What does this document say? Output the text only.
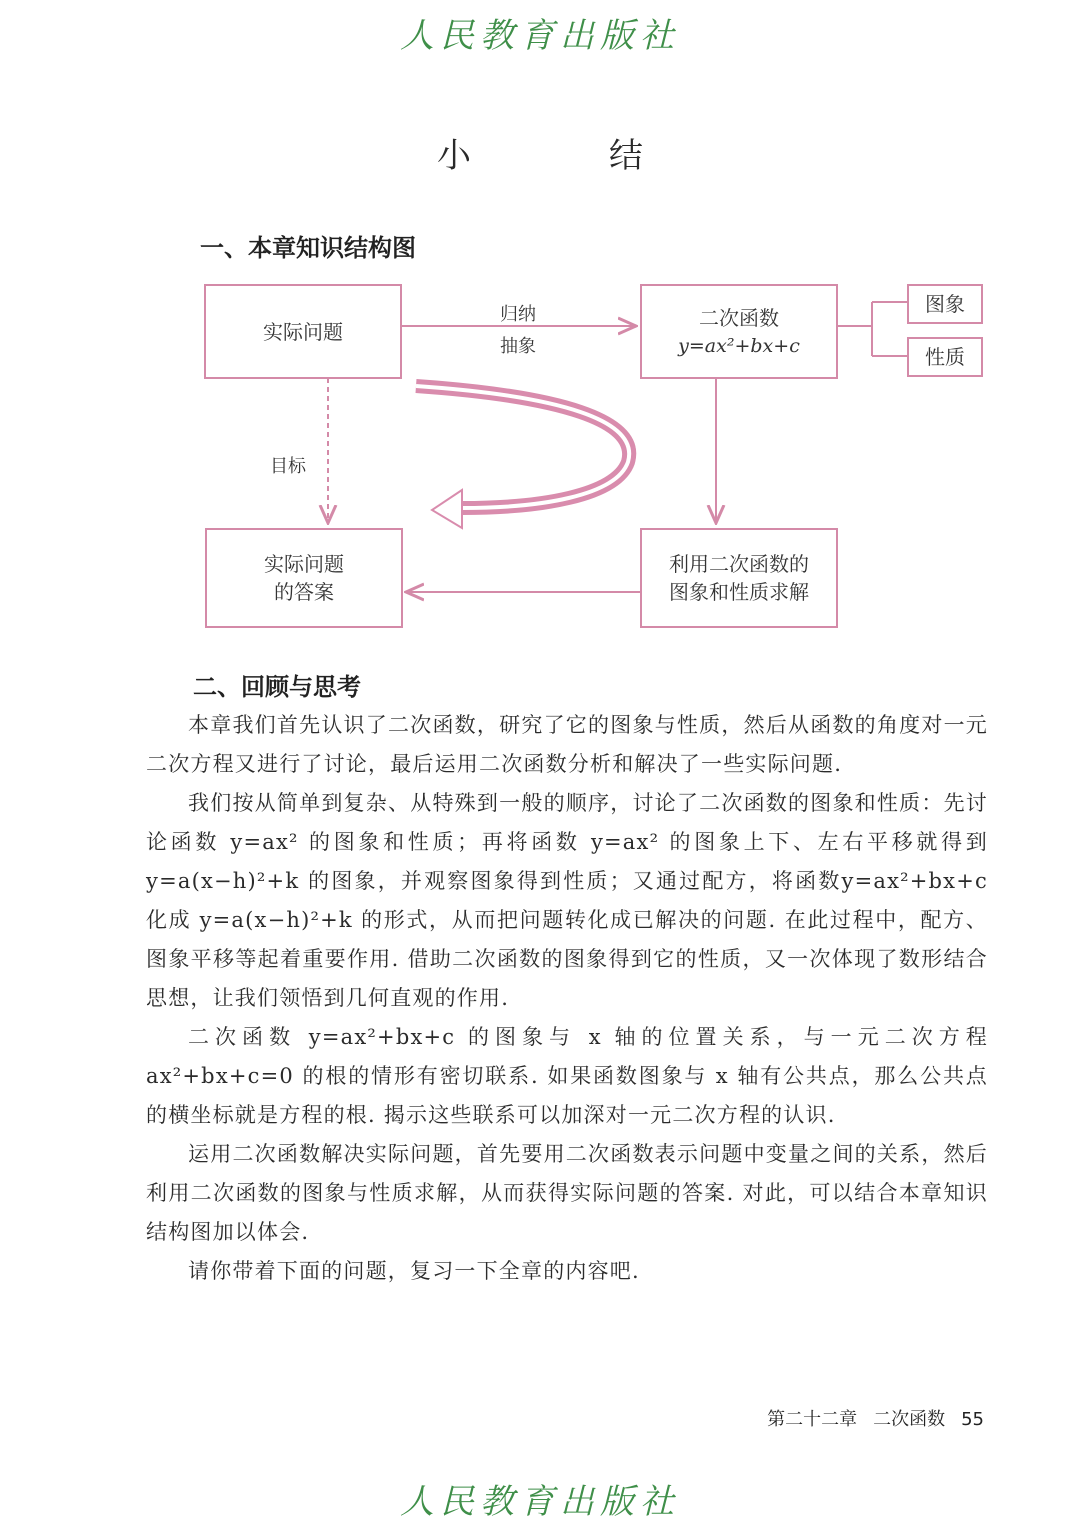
人民教育出版社
小　结
一、本章知识结构图
实际问题
归纳
抽象
二次函数
y=ax²+bx+c
图象
性质
目标
实际问题
的答案
利用二次函数的
图象和性质求解
二、回顾与思考

本章我们首先认识了二次函数，研究了它的图象与性质，然后从函数的角度对一元二次方程又进行了讨论，最后运用二次函数分析和解决了一些实际问题.

我们按从简单到复杂、从特殊到一般的顺序，讨论了二次函数的图象和性质：先讨论函数 y=ax² 的图象和性质；再将函数 y=ax² 的图象上下、左右平移就得到 y=a(x−h)²+k 的图象，并观察图象得到性质；又通过配方，将函数y=ax²+bx+c 化成 y=a(x−h)²+k 的形式，从而把问题转化成已解决的问题. 在此过程中，配方、图象平移等起着重要作用. 借助二次函数的图象得到它的性质，又一次体现了数形结合思想，让我们领悟到几何直观的作用.

二次函数 y=ax²+bx+c 的图象与 x 轴的位置关系，与一元二次方程 ax²+bx+c=0 的根的情形有密切联系. 如果函数图象与 x 轴有公共点，那么公共点的横坐标就是方程的根. 揭示这些联系可以加深对一元二次方程的认识.

运用二次函数解决实际问题，首先要用二次函数表示问题中变量之间的关系，然后利用二次函数的图象与性质求解，从而获得实际问题的答案. 对此，可以结合本章知识结构图加以体会.

请你带着下面的问题，复习一下全章的内容吧.

第二十二章 二次函数 55
人民教育出版社
